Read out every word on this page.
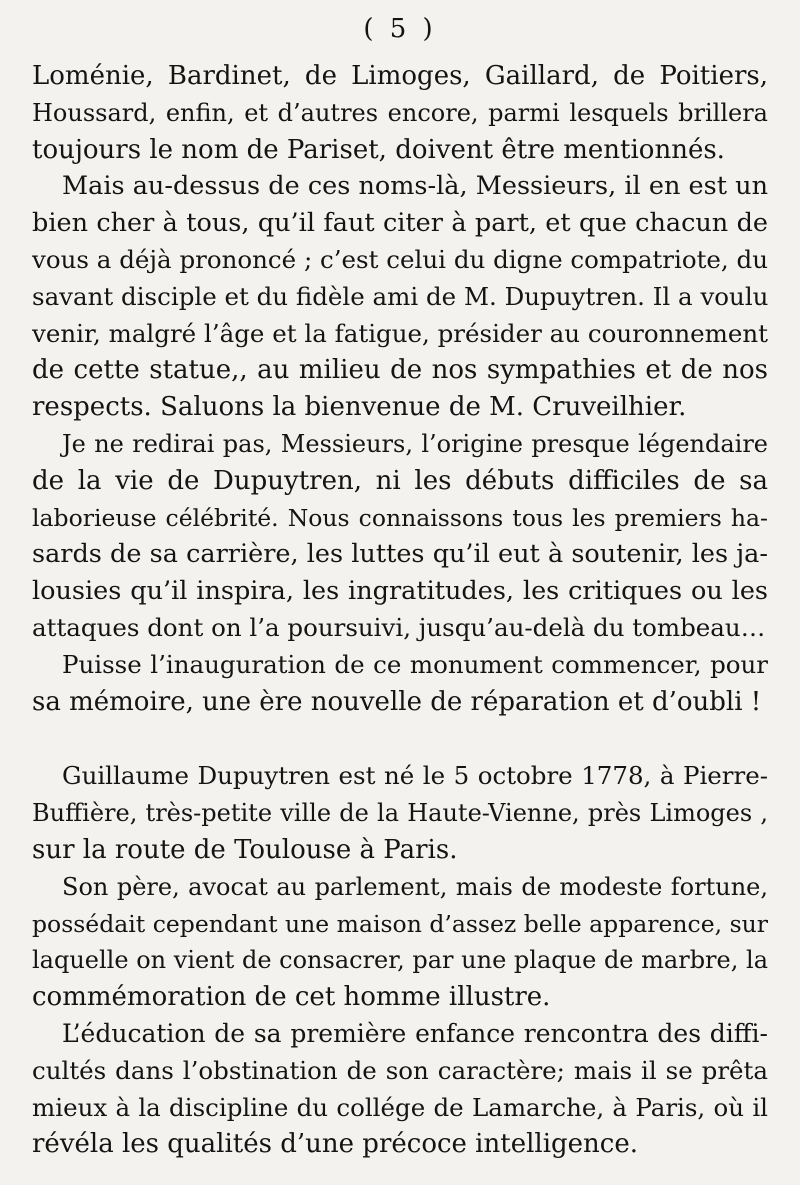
( 5 )
Loménie, Bardinet, de Limoges, Gaillard, de Poitiers,
Houssard, enfin, et d’autres encore, parmi lesquels brillera
toujours le nom de Pariset, doivent être mentionnés.
Mais au-dessus de ces noms-là, Messieurs, il en est un
bien cher à tous, qu’il faut citer à part, et que chacun de
vous a déjà prononcé ; c’est celui du digne compatriote, du
savant disciple et du fidèle ami de M. Dupuytren. Il a voulu
venir, malgré l’âge et la fatigue, présider au couronnement
de cette statue,, au milieu de nos sympathies et de nos
respects. Saluons la bienvenue de M. Cruveilhier.
Je ne redirai pas, Messieurs, l’origine presque légendaire
de la vie de Dupuytren, ni les débuts difficiles de sa
laborieuse célébrité. Nous connaissons tous les premiers ha-
sards de sa carrière, les luttes qu’il eut à soutenir, les ja-
lousies qu’il inspira, les ingratitudes, les critiques ou les
attaques dont on l’a poursuivi, jusqu’au-delà du tombeau…
Puisse l’inauguration de ce monument commencer, pour
sa mémoire, une ère nouvelle de réparation et d’oubli !
Guillaume Dupuytren est né le 5 octobre 1778, à Pierre-
Buffière, très-petite ville de la Haute-Vienne, près Limoges ,
sur la route de Toulouse à Paris.
Son père, avocat au parlement, mais de modeste fortune,
possédait cependant une maison d’assez belle apparence, sur
laquelle on vient de consacrer, par une plaque de marbre, la
commémoration de cet homme illustre.
L’éducation de sa première enfance rencontra des diffi-
cultés dans l’obstination de son caractère; mais il se prêta
mieux à la discipline du collége de Lamarche, à Paris, où il
révéla les qualités d’une précoce intelligence.
